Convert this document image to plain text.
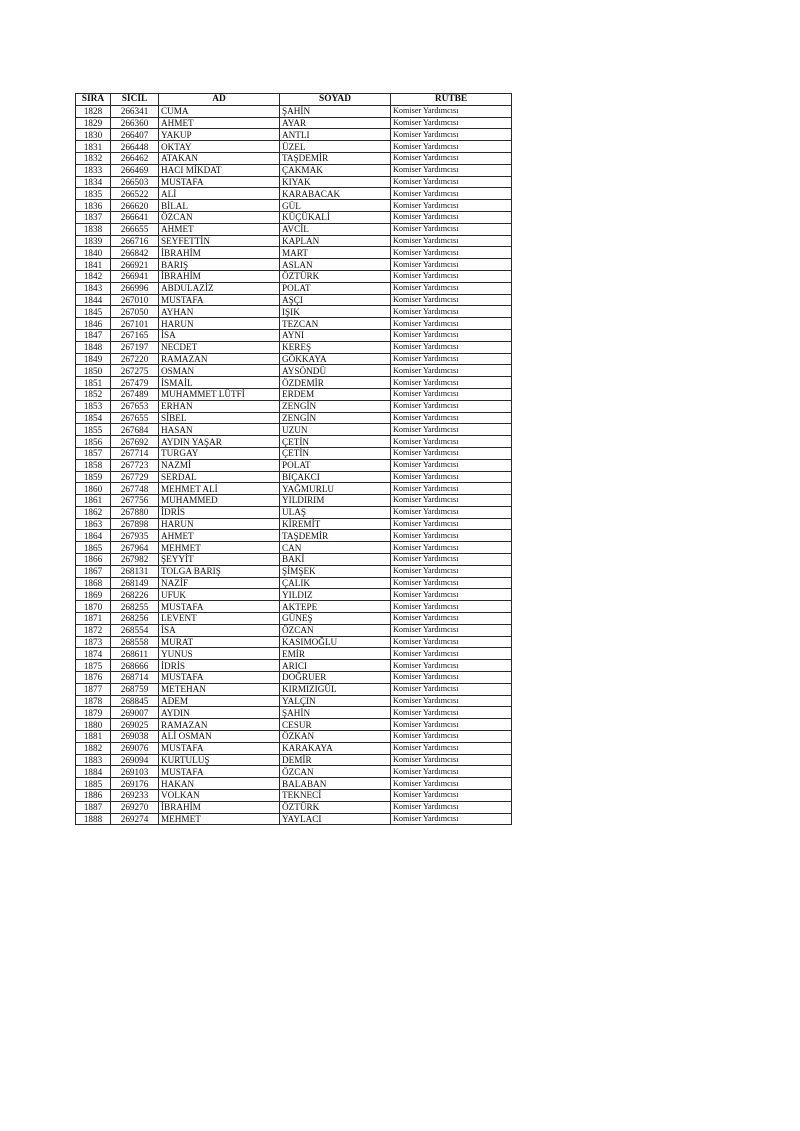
SIRA	SİCİL	AD	SOYAD	RÜTBE
1828	266341	CUMA	ŞAHİN	Komiser Yardımcısı
1829	266360	AHMET	AYAR	Komiser Yardımcısı
1830	266407	YAKUP	ANTLI	Komiser Yardımcısı
1831	266448	OKTAY	ÜZEL	Komiser Yardımcısı
1832	266462	ATAKAN	TAŞDEMİR	Komiser Yardımcısı
1833	266469	HACI MİKDAT	ÇAKMAK	Komiser Yardımcısı
1834	266503	MUSTAFA	KIYAK	Komiser Yardımcısı
1835	266522	ALİ	KARABACAK	Komiser Yardımcısı
1836	266620	BİLAL	GÜL	Komiser Yardımcısı
1837	266641	ÖZCAN	KÜÇÜKALİ	Komiser Yardımcısı
1838	266655	AHMET	AVCİL	Komiser Yardımcısı
1839	266716	SEYFETTİN	KAPLAN	Komiser Yardımcısı
1840	266842	İBRAHİM	MART	Komiser Yardımcısı
1841	266921	BARIŞ	ASLAN	Komiser Yardımcısı
1842	266941	İBRAHİM	ÖZTÜRK	Komiser Yardımcısı
1843	266996	ABDULAZİZ	POLAT	Komiser Yardımcısı
1844	267010	MUSTAFA	AŞÇI	Komiser Yardımcısı
1845	267050	AYHAN	IŞIK	Komiser Yardımcısı
1846	267101	HARUN	TEZCAN	Komiser Yardımcısı
1847	267165	İSA	AYNI	Komiser Yardımcısı
1848	267197	NECDET	KEREŞ	Komiser Yardımcısı
1849	267220	RAMAZAN	GÖKKAYA	Komiser Yardımcısı
1850	267275	OSMAN	AYSÖNDÜ	Komiser Yardımcısı
1851	267479	İSMAİL	ÖZDEMİR	Komiser Yardımcısı
1852	267489	MUHAMMET LÜTFİ	ERDEM	Komiser Yardımcısı
1853	267653	ERHAN	ZENGİN	Komiser Yardımcısı
1854	267655	SİBEL	ZENGİN	Komiser Yardımcısı
1855	267684	HASAN	UZUN	Komiser Yardımcısı
1856	267692	AYDIN YAŞAR	ÇETİN	Komiser Yardımcısı
1857	267714	TURGAY	ÇETİN	Komiser Yardımcısı
1858	267723	NAZMİ	POLAT	Komiser Yardımcısı
1859	267729	SERDAL	BIÇAKCI	Komiser Yardımcısı
1860	267748	MEHMET ALİ	YAĞMURLU	Komiser Yardımcısı
1861	267756	MUHAMMED	YILDIRIM	Komiser Yardımcısı
1862	267880	İDRİS	ULAŞ	Komiser Yardımcısı
1863	267898	HARUN	KİREMİT	Komiser Yardımcısı
1864	267935	AHMET	TAŞDEMİR	Komiser Yardımcısı
1865	267964	MEHMET	CAN	Komiser Yardımcısı
1866	267982	ŞEYYİT	BAKİ	Komiser Yardımcısı
1867	268131	TOLGA BARIŞ	ŞİMŞEK	Komiser Yardımcısı
1868	268149	NAZİF	ÇALIK	Komiser Yardımcısı
1869	268226	UFUK	YILDIZ	Komiser Yardımcısı
1870	268255	MUSTAFA	AKTEPE	Komiser Yardımcısı
1871	268256	LEVENT	GÜNEŞ	Komiser Yardımcısı
1872	268554	İSA	ÖZCAN	Komiser Yardımcısı
1873	268558	MURAT	KASIMOĞLU	Komiser Yardımcısı
1874	268611	YUNUS	EMİR	Komiser Yardımcısı
1875	268666	İDRİS	ARICI	Komiser Yardımcısı
1876	268714	MUSTAFA	DOĞRUER	Komiser Yardımcısı
1877	268759	METEHAN	KIRMIZIGÜL	Komiser Yardımcısı
1878	268845	ADEM	YALÇIN	Komiser Yardımcısı
1879	269007	AYDIN	ŞAHİN	Komiser Yardımcısı
1880	269025	RAMAZAN	CESUR	Komiser Yardımcısı
1881	269038	ALİ OSMAN	ÖZKAN	Komiser Yardımcısı
1882	269076	MUSTAFA	KARAKAYA	Komiser Yardımcısı
1883	269094	KURTULUŞ	DEMİR	Komiser Yardımcısı
1884	269103	MUSTAFA	ÖZCAN	Komiser Yardımcısı
1885	269176	HAKAN	BALABAN	Komiser Yardımcısı
1886	269233	VOLKAN	TEKNECİ	Komiser Yardımcısı
1887	269270	İBRAHİM	ÖZTÜRK	Komiser Yardımcısı
1888	269274	MEHMET	YAYLACI	Komiser Yardımcısı
